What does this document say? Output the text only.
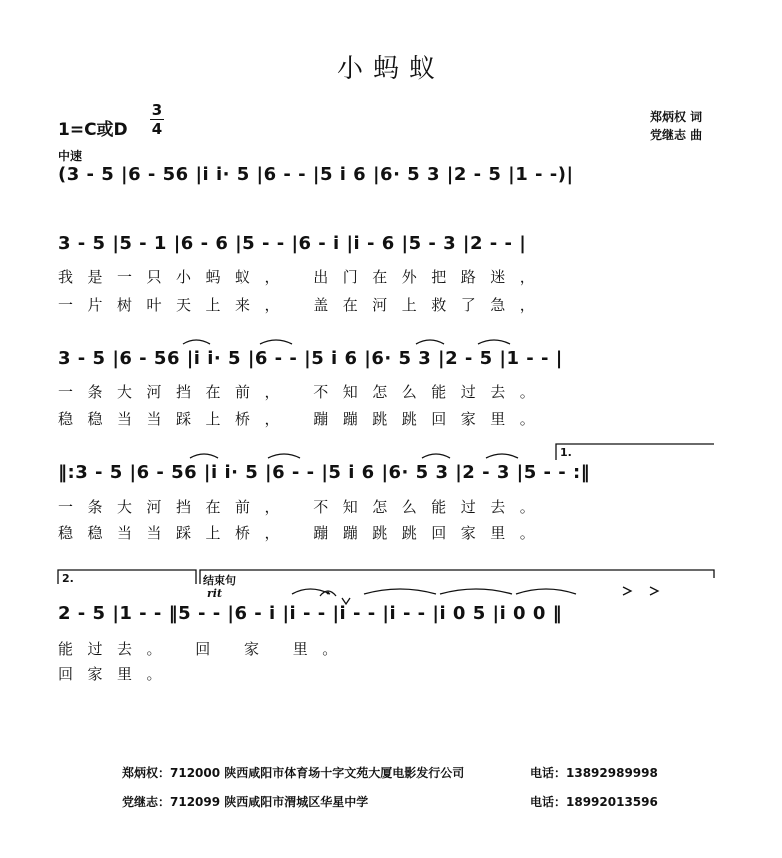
小蚂蚁
1=C或D
3
4
郑炳权 词
党继志 曲
中速
(3 - 5 |6 - 56 |i i· 5 |6 - - |5 i 6 |6· 5 3 |2 - 5 |1 - -)|
3 - 5 |5 - 1 |6 - 6 |5 - - |6 - i |i - 6 |5 - 3 |2 - - |
我是一只小蚂蚁， 出门在外把路迷，
一片树叶天上来， 盖在河上救了急，
3 - 5 |6 - 56 |i i· 5 |6 - - |5 i 6 |6· 5 3 |2 - 5 |1 - - |
一条大河挡在前， 不知怎么能过去。
稳稳当当踩上桥， 蹦蹦跳跳回家里。
1.
‖:3 - 5 |6 - 56 |i i· 5 |6 - - |5 i 6 |6· 5 3 |2 - 3 |5 - - :‖
一条大河挡在前， 不知怎么能过去。
稳稳当当踩上桥， 蹦蹦跳跳回家里。
2.	结束句
rit
2 - 5 |1 - - ‖5 - - |6 - i |i - - |i - - |i - - |i 0 5 |i 0 0 ‖
能过去。 回 家 里。
回家里。
郑炳权：712000 陕西咸阳市体育场十字文苑大厦电影发行公司	电话：13892989998
党继志：712099 陕西咸阳市渭城区华星中学	电话：18992013596
